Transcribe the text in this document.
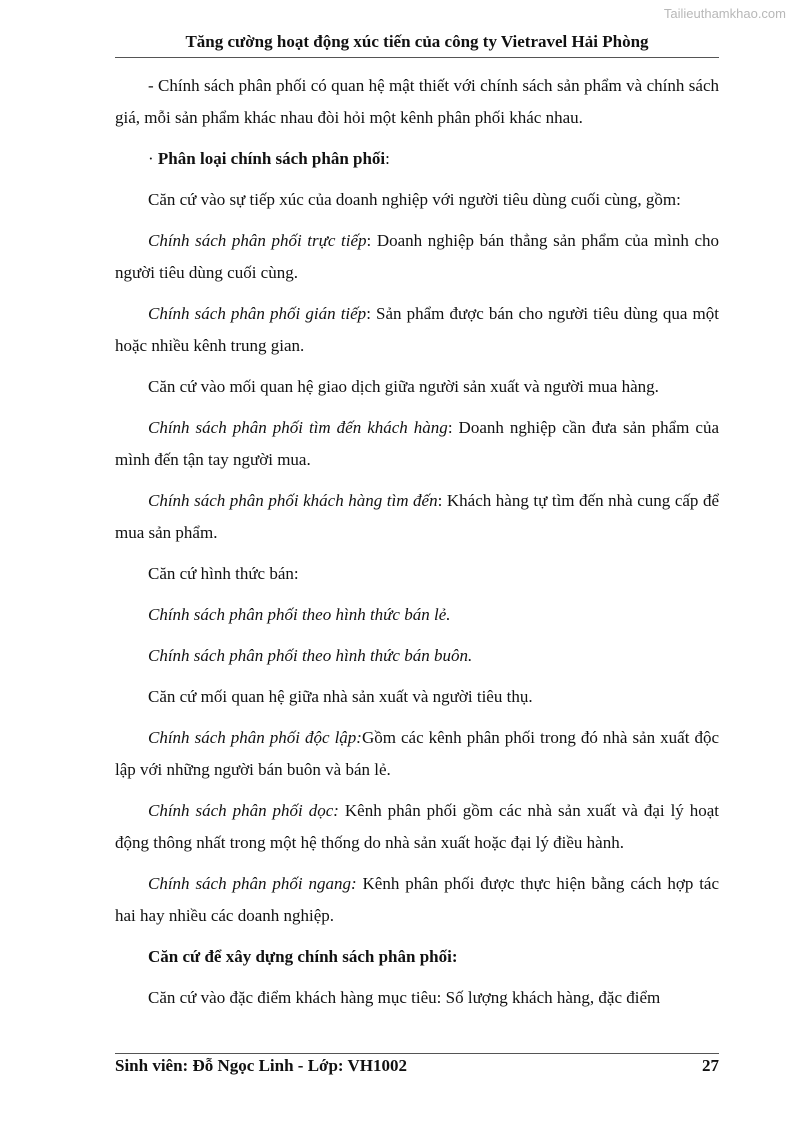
Tailieuthamkhao.com
Tăng cường hoạt động xúc tiến của công ty Vietravel Hải Phòng

- Chính sách phân phối có quan hệ mật thiết với chính sách sản phẩm và chính sách giá, mỗi sản phẩm khác nhau đòi hỏi một kênh phân phối khác nhau.

· Phân loại chính sách phân phối:

Căn cứ vào sự tiếp xúc của doanh nghiệp với người tiêu dùng cuối cùng, gồm:

Chính sách phân phối trực tiếp: Doanh nghiệp bán thẳng sản phẩm của mình cho người tiêu dùng cuối cùng.

Chính sách phân phối gián tiếp: Sản phẩm được bán cho người tiêu dùng qua một hoặc nhiều kênh trung gian.

Căn cứ vào mối quan hệ giao dịch giữa người sản xuất và người mua hàng.

Chính sách phân phối tìm đến khách hàng: Doanh nghiệp cần đưa sản phẩm của mình đến tận tay người mua.

Chính sách phân phối khách hàng tìm đến: Khách hàng tự tìm đến nhà cung cấp để mua sản phẩm.

Căn cứ hình thức bán:

Chính sách phân phối theo hình thức bán lẻ.

Chính sách phân phối theo hình thức bán buôn.

Căn cứ mối quan hệ giữa nhà sản xuất và người tiêu thụ.

Chính sách phân phối độc lập:Gồm các kênh phân phối trong đó nhà sản xuất độc lập với những người bán buôn và bán lẻ.

Chính sách phân phối dọc: Kênh phân phối gồm các nhà sản xuất và đại lý hoạt động thông nhất trong một hệ thống do nhà sản xuất hoặc đại lý điều hành.

Chính sách phân phối ngang: Kênh phân phối được thực hiện bằng cách hợp tác hai hay nhiều các doanh nghiệp.

Căn cứ để xây dựng chính sách phân phối:

Căn cứ vào đặc điểm khách hàng mục tiêu: Số lượng khách hàng, đặc điểm

Sinh viên: Đỗ Ngọc Linh - Lớp: VH1002	27
